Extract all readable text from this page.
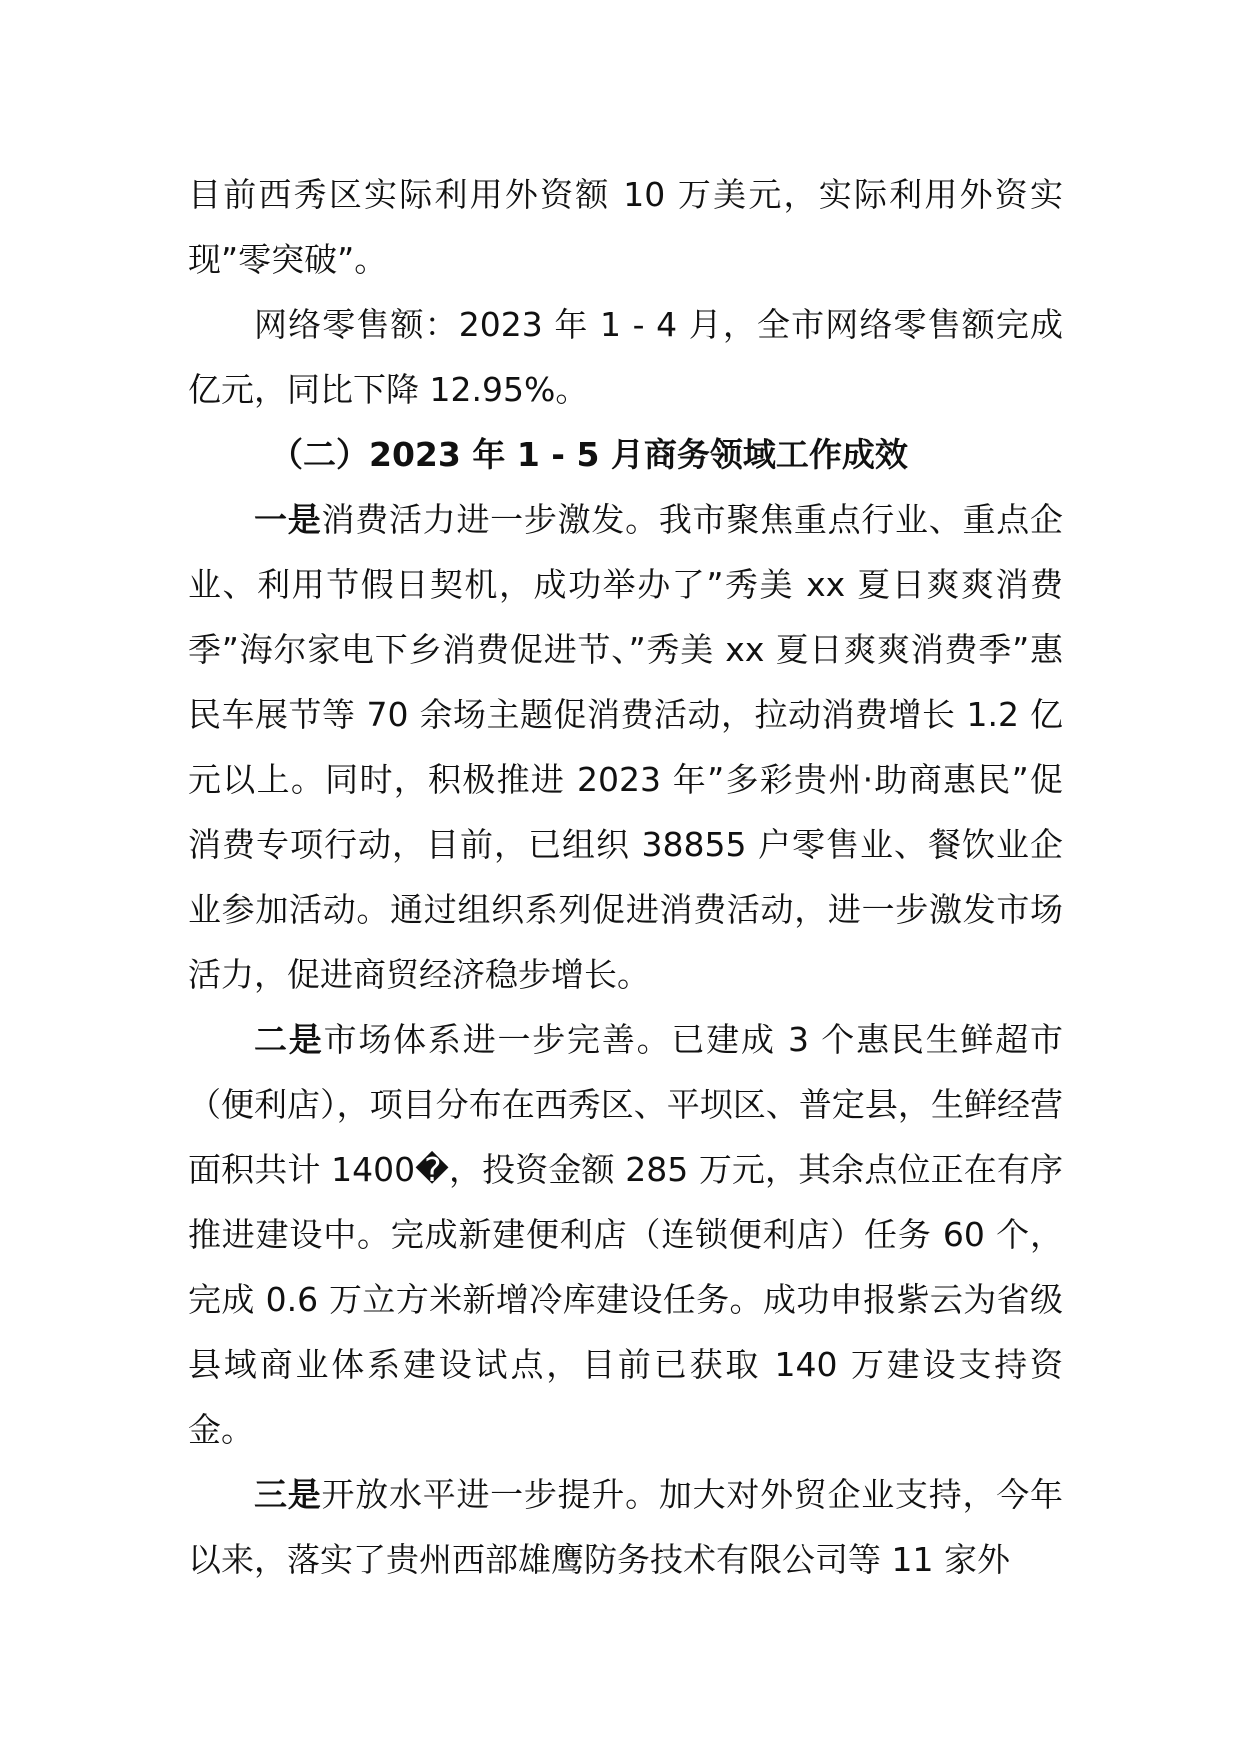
目前西秀区实际利用外资额 10 万美元，实际利用外资实现”零突破”。

网络零售额：2023 年 1 - 4 月，全市网络零售额完成亿元，同比下降 12.95%。

（二）2023 年 1 - 5 月商务领域工作成效

一是消费活力进一步激发。我市聚焦重点行业、重点企业、利用节假日契机，成功举办了”秀美 xx 夏日爽爽消费季”海尔家电下乡消费促进节、”秀美 xx 夏日爽爽消费季”惠民车展节等 70 余场主题促消费活动，拉动消费增长 1.2 亿元以上。同时，积极推进 2023 年”多彩贵州·助商惠民”促消费专项行动，目前，已组织 38855 户零售业、餐饮业企业参加活动。通过组织系列促进消费活动，进一步激发市场活力，促进商贸经济稳步增长。

二是市场体系进一步完善。已建成 3 个惠民生鲜超市（便利店），项目分布在西秀区、平坝区、普定县，生鲜经营面积共计 1400�，投资金额 285 万元，其余点位正在有序推进建设中。完成新建便利店（连锁便利店）任务 60 个，完成 0.6 万立方米新增冷库建设任务。成功申报紫云为省级县域商业体系建设试点，目前已获取 140 万建设支持资金。

三是开放水平进一步提升。加大对外贸企业支持，今年以来，落实了贵州西部雄鹰防务技术有限公司等 11 家外
